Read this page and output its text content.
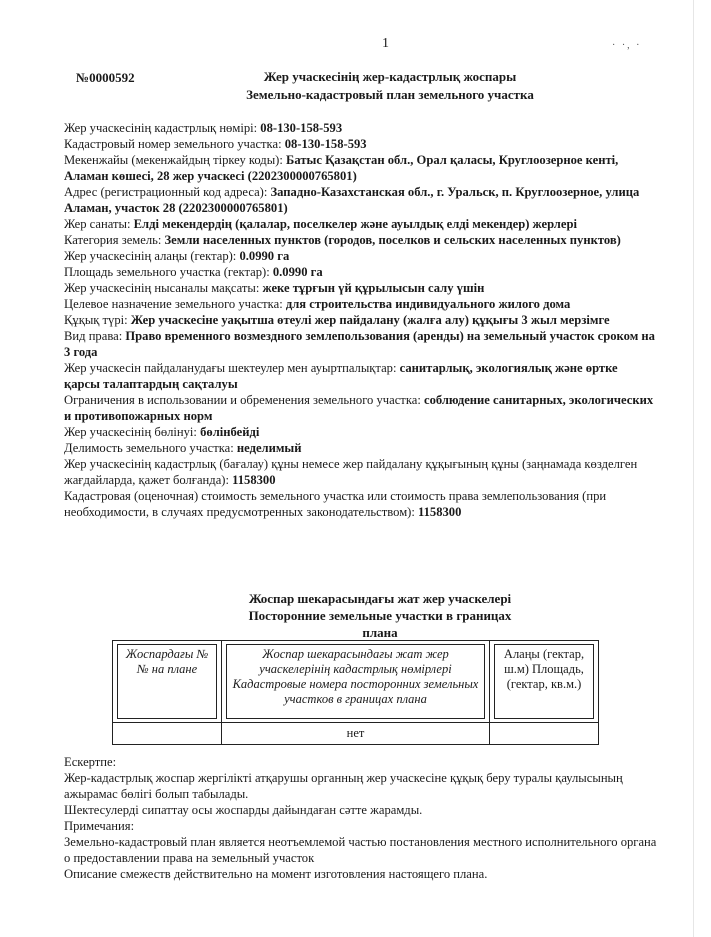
· ·, ·
1
№0000592	Жер учаскесінің жер-кадастрлық жоспары
Земельно-кадастровый план земельного участка

Жер учаскесінің кадастрлық нөмірі: 08-130-158-593

Кадастровый номер земельного участка: 08-130-158-593

Мекенжайы (мекенжайдың тіркеу коды): Батыс Қазақстан обл., Орал қаласы, Круглоозерное кенті, Аламан көшесі, 28 жер учаскесі (2202300000765801)

Адрес (регистрационный код адреса): Западно-Казахстанская обл., г. Уральск, п. Круглоозерное, улица Аламан, участок 28 (2202300000765801)

Жер санаты: Елді мекендердің (қалалар, поселкелер және ауылдық елді мекендер) жерлері

Категория земель: Земли населенных пунктов (городов, поселков и сельских населенных пунктов)

Жер учаскесінің алаңы (гектар): 0.0990 га

Площадь земельного участка (гектар): 0.0990 га

Жер учаскесінің нысаналы мақсаты: жеке тұрғын үй құрылысын салу үшін

Целевое назначение земельного участка: для строительства индивидуального жилого дома

Құқық түрі: Жер учаскесіне уақытша өтеулі жер пайдалану (жалға алу) құқығы 3 жыл мерзімге

Вид права: Право временного возмездного землепользования (аренды) на земельный участок сроком на 3 года

Жер учаскесін пайдаланудағы шектеулер мен ауыртпалықтар: санитарлық, экологиялық және өртке қарсы талаптардың сақталуы

Ограничения в использовании и обременения земельного участка: соблюдение санитарных, экологических и противопожарных норм

Жер учаскесінің бөлінуі: бөлінбейді

Делимость земельного участка: неделимый

Жер учаскесінің кадастрлық (бағалау) құны немесе жер пайдалану құқығының құны (заңнамада көзделген жағдайларда, қажет болғанда): 1158300

Кадастровая (оценочная) стоимость земельного участка или стоимость права землепользования (при необходимости, в случаях предусмотренных законодательством): 1158300

Жоспар шекарасындағы жат жер учаскелері
Посторонние земельные участки в границах
плана
Жоспардағы № № на плане	Жоспар шекарасындағы жат жер учаскелерінің кадастрлық нөмірлері Кадастровые номера посторонних земельных участков в границах плана	Алаңы (гектар, ш.м) Площадь, (гектар, кв.м.)

	нет	

Ескертпе:

Жер-кадастрлық жоспар жергілікті атқарушы органның жер учаскесіне құқық беру туралы қаулысының ажырамас бөлігі болып табылады.

Шектесулерді сипаттау осы жоспарды дайындаған сәтте жарамды.

Примечания:

Земельно-кадастровый план является неотъемлемой частью постановления местного исполнительного органа о предоставлении права на земельный участок

Описание смежеств действительно на момент изготовления настоящего плана.
